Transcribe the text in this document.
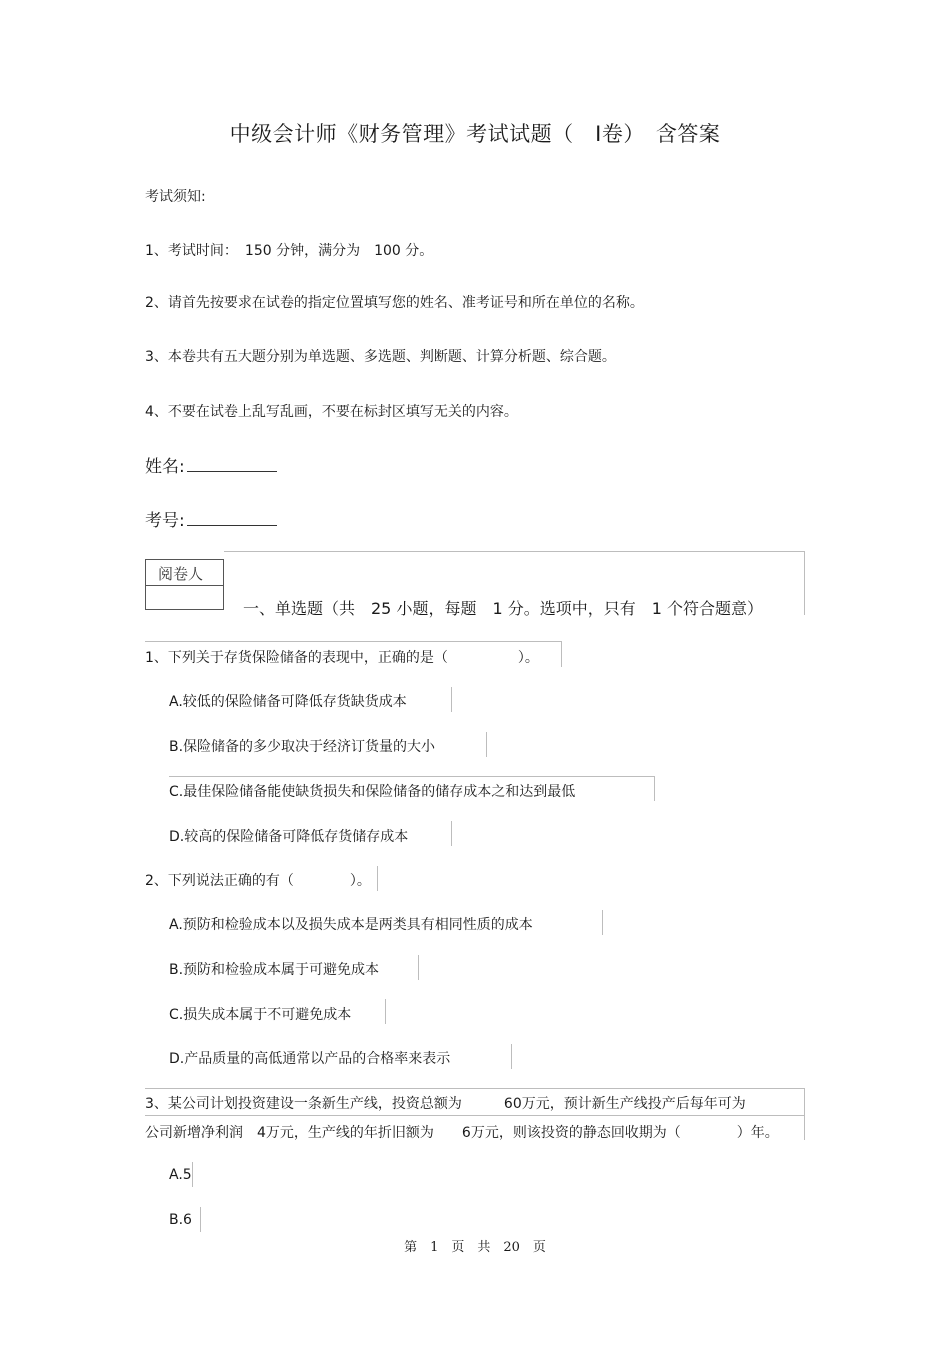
中级会计师《财务管理》考试试题（　Ⅰ卷）　含答案
考试须知:
1、考试时间：　150 分钟，满分为　100 分。
2、请首先按要求在试卷的指定位置填写您的姓名、准考证号和所在单位的名称。
3、本卷共有五大题分别为单选题、多选题、判断题、计算分析题、综合题。
4、不要在试卷上乱写乱画，不要在标封区填写无关的内容。
姓名:
考号:
阅卷人
一、单选题（共　25 小题，每题　1 分。选项中，只有　1 个符合题意）
1、下列关于存货保险储备的表现中，正确的是（　　　　　）。
A.较低的保险储备可降低存货缺货成本
B.保险储备的多少取决于经济订货量的大小
C.最佳保险储备能使缺货损失和保险储备的储存成本之和达到最低
D.较高的保险储备可降低存货储存成本
2、下列说法正确的有（　　　　）。
A.预防和检验成本以及损失成本是两类具有相同性质的成本
B.预防和检验成本属于可避免成本
C.损失成本属于不可避免成本
D.产品质量的高低通常以产品的合格率来表示
3、某公司计划投资建设一条新生产线，投资总额为　　　60万元，预计新生产线投产后每年可为
公司新增净利润　4万元，生产线的年折旧额为　　6万元，则该投资的静态回收期为（　　　　）年。
A.5
B.6
第　1　页　共　20　页
